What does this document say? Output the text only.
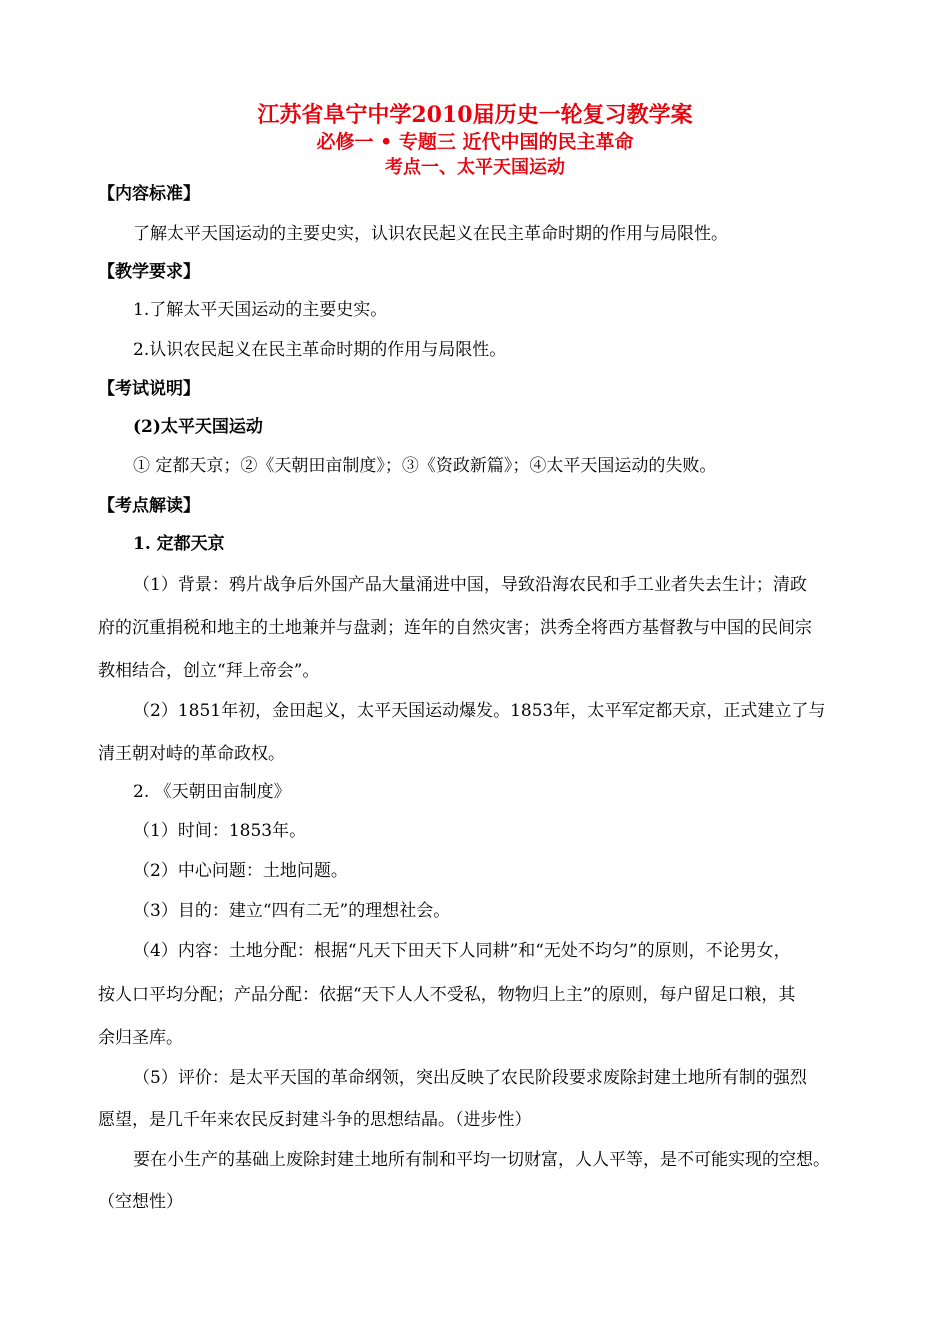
江苏省阜宁中学2010届历史一轮复习教学案
必修一 • 专题三 近代中国的民主革命
考点一、太平天国运动
【内容标准】
了解太平天国运动的主要史实，认识农民起义在民主革命时期的作用与局限性。
【教学要求】
1.了解太平天国运动的主要史实。
2.认识农民起义在民主革命时期的作用与局限性。
【考试说明】
(2)太平天国运动
① 定都天京；②《天朝田亩制度》；③《资政新篇》；④太平天国运动的失败。
【考点解读】
1. 定都天京
（1）背景：鸦片战争后外国产品大量涌进中国，导致沿海农民和手工业者失去生计；清政
府的沉重捐税和地主的土地兼并与盘剥；连年的自然灾害；洪秀全将西方基督教与中国的民间宗
教相结合，创立“拜上帝会”。
（2）1851年初，金田起义，太平天国运动爆发。1853年，太平军定都天京，正式建立了与
清王朝对峙的革命政权。
2. 《天朝田亩制度》
（1）时间：1853年。
（2）中心问题：土地问题。
（3）目的：建立“四有二无”的理想社会。
（4）内容：土地分配：根据“凡天下田天下人同耕”和“无处不均匀”的原则，不论男女，
按人口平均分配；产品分配：依据“天下人人不受私，物物归上主”的原则，每户留足口粮，其
余归圣库。
（5）评价：是太平天国的革命纲领，突出反映了农民阶段要求废除封建土地所有制的强烈
愿望，是几千年来农民反封建斗争的思想结晶。（进步性）
要在小生产的基础上废除封建土地所有制和平均一切财富，人人平等，是不可能实现的空想。
（空想性）
